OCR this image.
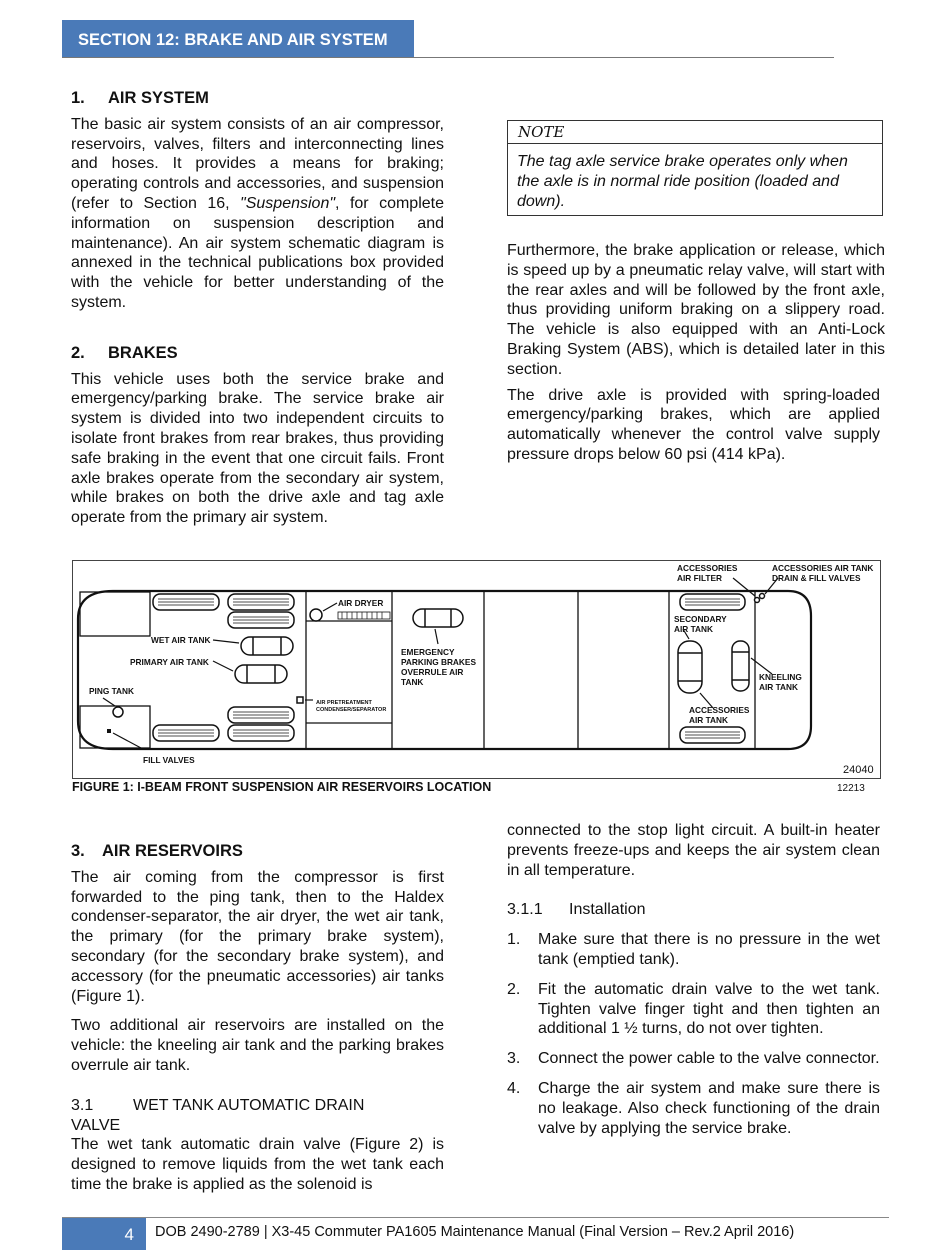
SECTION 12: BRAKE AND AIR SYSTEM

1. AIR SYSTEM

The basic air system consists of an air compressor, reservoirs, valves, filters and interconnecting lines and hoses. It provides a means for braking; operating controls and accessories, and suspension (refer to Section 16, "Suspension", for complete information on suspension description and maintenance). An air system schematic diagram is annexed in the technical publications box provided with the vehicle for better understanding of the system.

2. BRAKES

This vehicle uses both the service brake and emergency/parking brake. The service brake air system is divided into two independent circuits to isolate front brakes from rear brakes, thus providing safe braking in the event that one circuit fails. Front axle brakes operate from the secondary air system, while brakes on both the drive axle and tag axle operate from the primary air system.

NOTE
The tag axle service brake operates only when the axle is in normal ride position (loaded and down).

Furthermore, the brake application or release, which is speed up by a pneumatic relay valve, will start with the rear axles and will be followed by the front axle, thus providing uniform braking on a slippery road. The vehicle is also equipped with an Anti-Lock Braking System (ABS), which is detailed later in this section.

The drive axle is provided with spring-loaded emergency/parking brakes, which are applied automatically whenever the control valve supply pressure drops below 60 psi (414 kPa).

ACCESSORIES
AIR FILTER
ACCESSORIES AIR TANK
DRAIN & FILL VALVES
AIR DRYER
WET AIR TANK
PRIMARY AIR TANK
PING TANK
FILL VALVES
EMERGENCY
PARKING BRAKES
OVERRULE AIR
TANK
AIR PRETREATMENT
CONDENSER/SEPARATOR
SECONDARY
AIR TANK
KNEELING
AIR TANK
ACCESSORIES
AIR TANK
24040
FIGURE 1: I-BEAM FRONT SUSPENSION AIR RESERVOIRS LOCATION	12213

3. AIR RESERVOIRS

The air coming from the compressor is first forwarded to the ping tank, then to the Haldex condenser-separator, the air dryer, the wet air tank, the primary (for the primary brake system), secondary (for the secondary brake system), and accessory (for the pneumatic accessories) air tanks (Figure 1).

Two additional air reservoirs are installed on the vehicle: the kneeling air tank and the parking brakes overrule air tank.

3.1 WET TANK AUTOMATIC DRAIN
VALVE

The wet tank automatic drain valve (Figure 2) is designed to remove liquids from the wet tank each time the brake is applied as the solenoid is

connected to the stop light circuit. A built-in heater prevents freeze-ups and keeps the air system clean in all temperature.

3.1.1 Installation

1.	Make sure that there is no pressure in the wet tank (emptied tank).
2.	Fit the automatic drain valve to the wet tank. Tighten valve finger tight and then tighten an additional 1 ½ turns, do not over tighten.
3.	Connect the power cable to the valve connector.
4.	Charge the air system and make sure there is no leakage. Also check functioning of the drain valve by applying the service brake.
4	DOB 2490-2789 | X3-45 Commuter PA1605 Maintenance Manual (Final Version – Rev.2 April 2016)
